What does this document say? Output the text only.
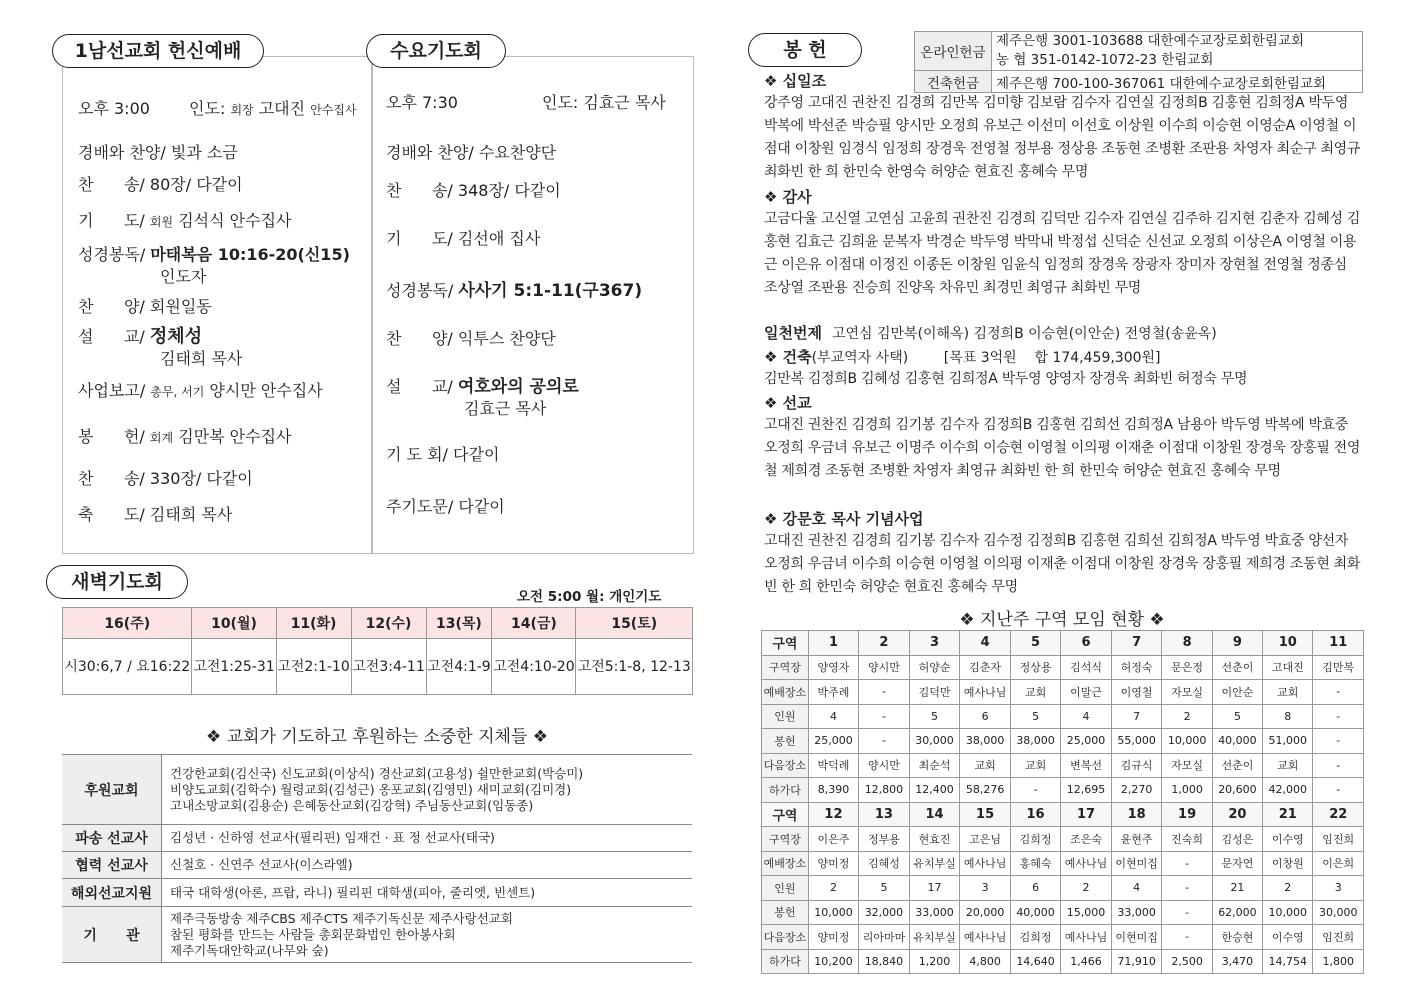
1남선교회 헌신예배
오후 3:00 인도: 회장 고대진 안수집사
경배와 찬양/ 빛과 소금
찬      송/ 80장/ 다같이
기      도/ 회원 김석식 안수집사
성경봉독/ 마태복음 10:16-20(신15)
인도자
찬      양/ 회원일동
설      교/ 정체성
김태희 목사
사업보고/ 총무, 서기 양시만 안수집사
봉      헌/ 회계 김만복 안수집사
찬      송/ 330장/ 다같이
축      도/ 김태희 목사
수요기도회
오후 7:30	인도: 김효근 목사
경배와 찬양/ 수요찬양단
찬      송/ 348장/ 다같이
기      도/ 김선애 집사
성경봉독/ 사사기 5:1-11(구367)
찬      양/ 익투스 찬양단
설      교/ 여호와의 공의로
김효근 목사
기 도 회/ 다같이
주기도문/ 다같이
새벽기도회
오전 5:00 월: 개인기도
16(주)	10(월)	11(화)	12(수)	13(목)	14(금)	15(토)
시30:6,7 / 요16:22	고전1:25-31	고전2:1-10	고전3:4-11	고전4:1-9	고전4:10-20	고전5:1-8, 12-13
❖ 교회가 기도하고 후원하는 소중한 지체들 ❖
후원교회	건강한교회(김신국) 신도교회(이상식) 경산교회(고용성) 쉴만한교회(박승미)
비양도교회(김학수) 월령교회(김성근) 옹포교회(김영민) 새미교회(김미경)
고내소망교회(김용순) 은혜동산교회(김강혁) 주님동산교회(임동종)

파송 선교사	김성년 · 신하영 선교사(필리핀) 임재건 · 표 정 선교사(태국)

협력 선교사	신철호 · 신연주 선교사(이스라엘)

해외선교지원	태국 대학생(아론, 프랍, 라니) 필리핀 대학생(피아, 줄리엣, 빈센트)

기      관	제주극동방송 제주CBS 제주CTS 제주기독신문 제주사랑선교회
참된 평화를 만드는 사람들 총회문화법인 한아봉사회
제주기독대안학교(나무와 숲)
봉 헌	온라인헌금	제주은행 3001-103688 대한예수교장로회한림교회
농 협 351-0142-1072-23 한림교회

건축헌금	제주은행 700-100-367061 대한예수교장로회한림교회
❖ 십일조
강주영 고대진 권찬진 김경희 김만복 김미향 김보람 김수자 김연실 김정희B 김홍현 김희정A 박두영 박복에 박선준 박승필 양시만 오정희 유보근 이선미 이선호 이상원 이수희 이승현 이영순A 이영철 이점대 이창원 임경식 임정희 장경욱 전영철 정부용 정상용 조동현 조병환 조판용 차영자 최순구 최영규 최화빈 한 희 한민숙 한영숙 허양순 현효진 홍혜숙 무명
❖ 감사
고금다울 고신열 고연심 고윤희 권찬진 김경희 김덕만 김수자 김연실 김주하 김지현 김춘자 김혜성 김홍현 김효근 김희윤 문복자 박경순 박두영 박막내 박정섭 신덕순 신선교 오정희 이상은A 이영철 이용근 이은유 이점대 이정진 이종돈 이창원 임윤식 임정희 장경욱 장광자 장미자 장현철 전영철 정종심 조상열 조판용 진승희 진양옥 차유민 최경민 최영규 최화빈 무명
일천번제 고연심 김만복(이해옥) 김정희B 이승현(이안순) 전영철(송윤옥)
❖ 건축(부교역자 사택)        [목표 3억원    합 174,459,300원]
김만복 김정희B 김혜성 김홍현 김희정A 박두영 양영자 장경욱 최화빈 허정숙 무명
❖ 선교
고대진 권찬진 김경희 김기봉 김수자 김정희B 김홍현 김희선 김희정A 남용아 박두영 박복에 박효중 오정희 우금녀 유보근 이명주 이수희 이승현 이영철 이의평 이재춘 이점대 이창원 장경욱 장홍필 전영철 제희경 조동현 조병환 차영자 최영규 최화빈 한 희 한민숙 허양순 현효진 홍혜숙 무명
❖ 강문호 목사 기념사업
고대진 권찬진 김경희 김기봉 김수자 김수정 김정희B 김홍현 김희선 김희정A 박두영 박효중 양선자 오정희 우금녀 이수희 이승현 이영철 이의평 이재춘 이점대 이창원 장경욱 장홍필 제희경 조동현 최화빈 한 희 한민숙 허양순 현효진 홍혜숙 무명
❖ 지난주 구역 모임 현황 ❖
구역	1	2	3	4	5	6	7	8	9	10	11
구역장	양영자	양시만	허양순	김춘자	정상용	김석식	허정숙	문은정	선춘이	고대진	김만복
예배장소	박주례	-	김덕만	예사나님	교회	이말근	이영철	자모실	이안순	교회	-
인원	4	-	5	6	5	4	7	2	5	8	-
봉헌	25,000	-	30,000	38,000	38,000	25,000	55,000	10,000	40,000	51,000	-
다음장소	박덕례	양시만	최순석	교회	교회	변복선	김규식	자모실	선춘이	교회	-
하가다	8,390	12,800	12,400	58,276	-	12,695	2,270	1,000	20,600	42,000	-
구역	12	13	14	15	16	17	18	19	20	21	22
구역장	이은주	정부용	현효진	고은님	김희정	조은숙	윤현주	진숙희	김성은	이수영	임진희
예배장소	양미정	김혜성	유치부실	예사나님	홍혜숙	예사나님	이현미집	-	문자연	이창원	이은희
인원	2	5	17	3	6	2	4	-	21	2	3
봉헌	10,000	32,000	33,000	20,000	40,000	15,000	33,000	-	62,000	10,000	30,000
다음장소	양미정	리아마마	유치부실	예사나님	김희정	예사나님	이현미집	-	한승현	이수영	임진희
하가다	10,200	18,840	1,200	4,800	14,640	1,466	71,910	2,500	3,470	14,754	1,800
